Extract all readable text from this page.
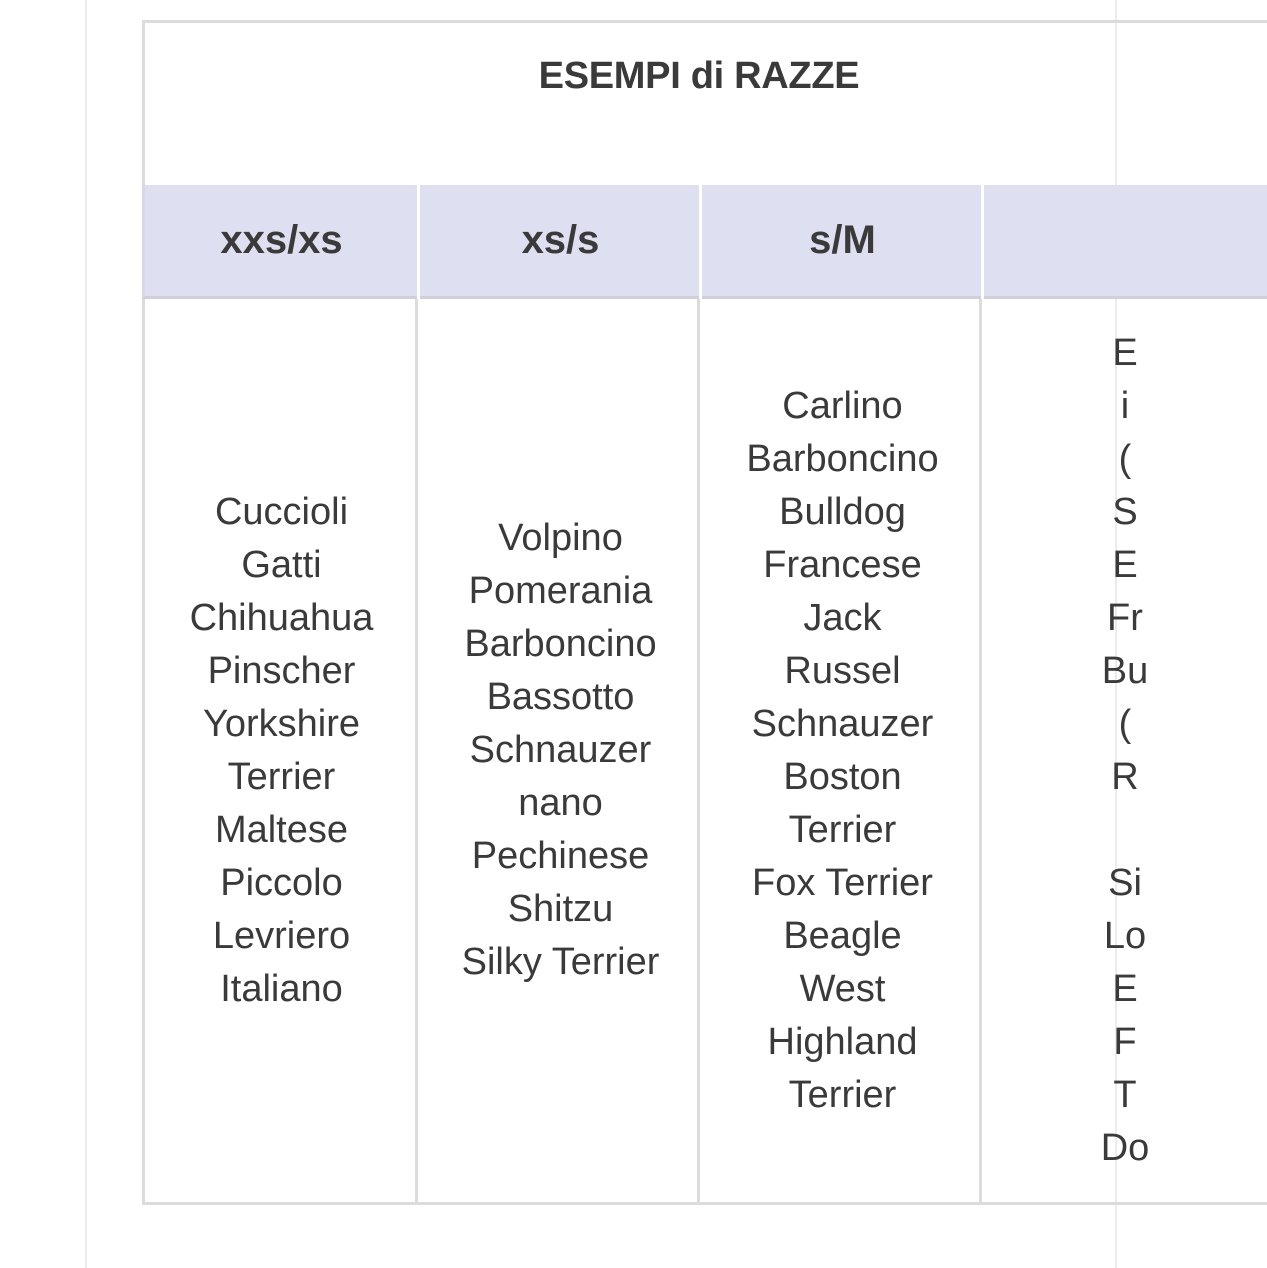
ESEMPI di RAZZE
xxs/xs	xs/s	s/M
Cuccioli
Gatti
Chihuahua
Pinscher
Yorkshire
Terrier
Maltese
Piccolo
Levriero
Italiano
Volpino
Pomerania
Barboncino
Bassotto
Schnauzer
nano
Pechinese
Shitzu
Silky Terrier
Carlino
Barboncino
Bulldog
Francese
Jack
Russel
Schnauzer
Boston
Terrier
Fox Terrier
Beagle
West
Highland
Terrier
E
i
(
S
E
Fr
Bu
(
R

Si
Lo
E
F
T
Do
